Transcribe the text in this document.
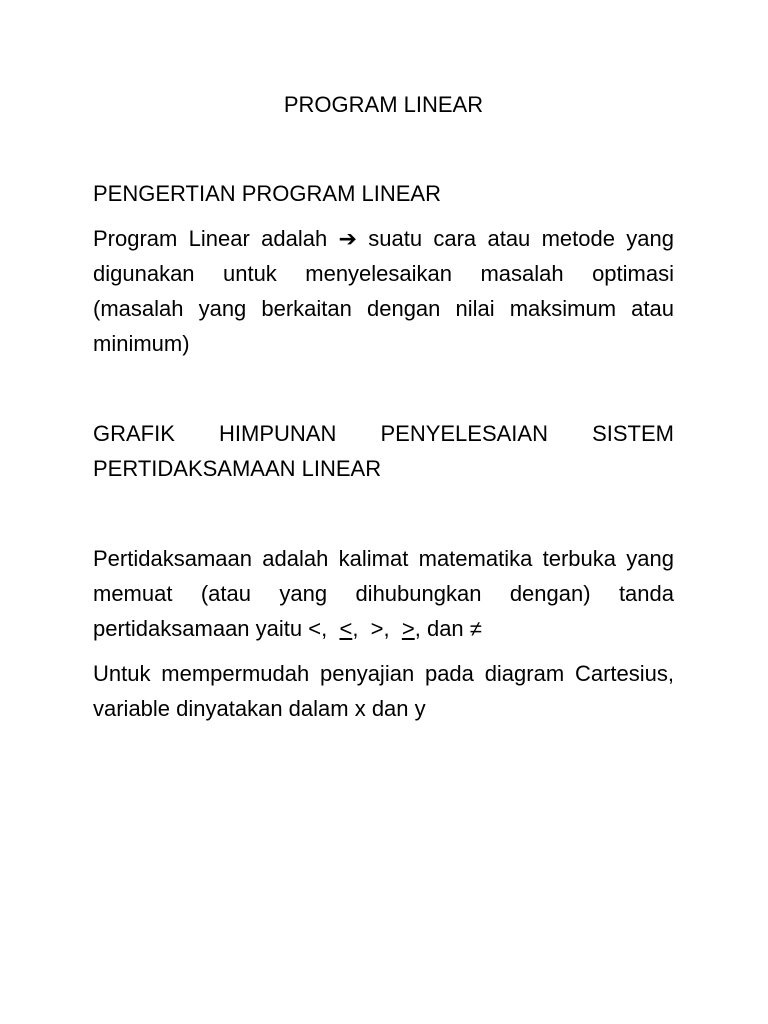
PROGRAM LINEAR
PENGERTIAN PROGRAM LINEAR

Program Linear adalah ➔ suatu cara atau metode yang digunakan untuk menyelesaikan masalah optimasi (masalah yang berkaitan dengan nilai maksimum atau minimum)

GRAFIK HIMPUNAN PENYELESAIAN SISTEM

PERTIDAKSAMAAN LINEAR

Pertidaksamaan adalah kalimat matematika terbuka yang memuat (atau yang dihubungkan dengan) tanda pertidaksamaan yaitu <, <,  >, >, dan ≠

Untuk mempermudah penyajian pada diagram Cartesius, variable dinyatakan dalam x dan y
